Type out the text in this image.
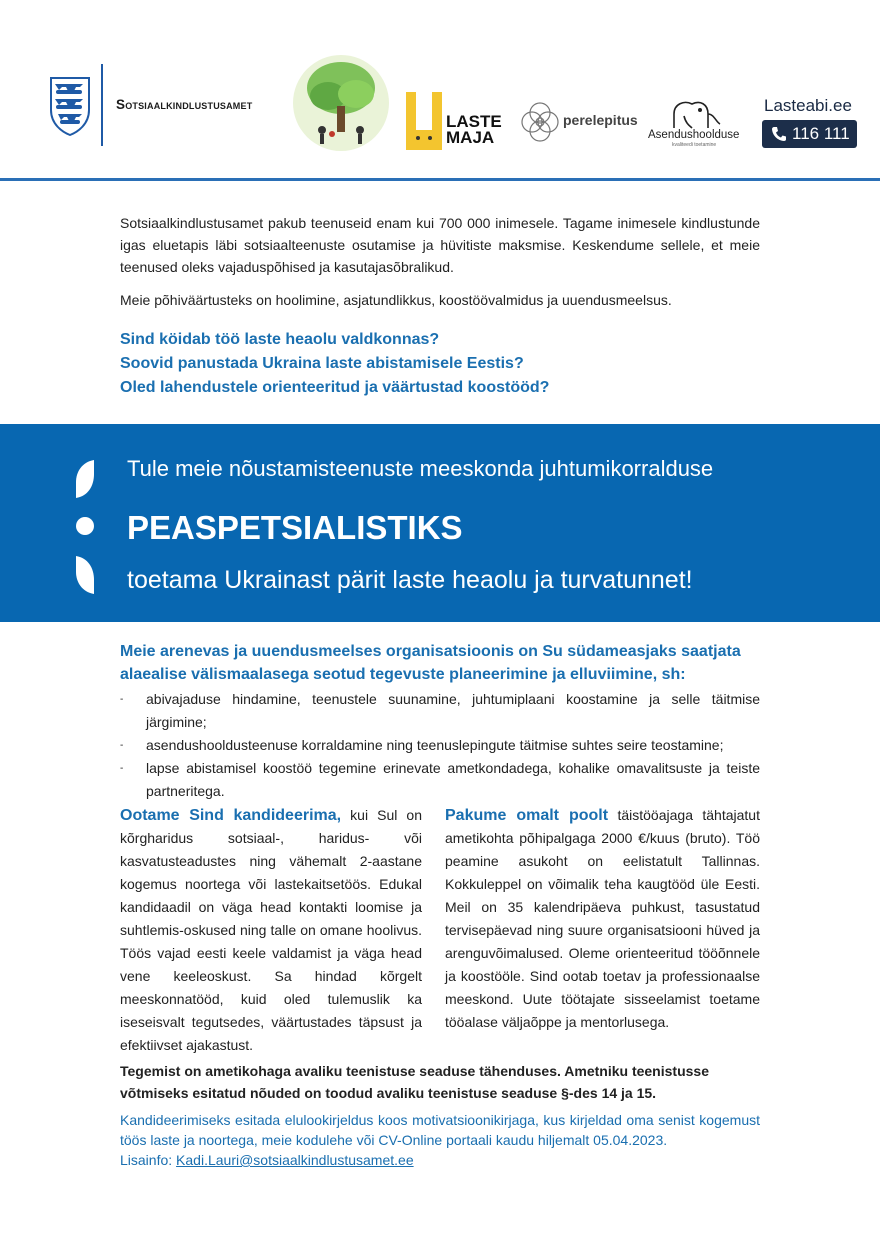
Sotsiaalkindlustusamet
LASTE
MAJA
perelepitus
Asendushoolduse
kvaliteedi toetamine
Lasteabi.ee
116 111
Sotsiaalkindlustusamet pakub teenuseid enam kui 700 000 inimesele. Tagame inimesele kindlustunde igas eluetapis läbi sotsiaalteenuste osutamise ja hüvitiste maksmise. Keskendume sellele, et meie teenused oleks vajaduspõhised ja kasutajasõbralikud.
Meie põhiväärtusteks on hoolimine, asjatundlikkus, koostöövalmidus ja uuendusmeelsus.
Sind köidab töö laste heaolu valdkonnas?
Soovid panustada Ukraina laste abistamisele Eestis?
Oled lahendustele orienteeritud ja väärtustad koostööd?
Tule meie nõustamisteenuste meeskonda juhtumikorralduse
PEASPETSIALISTIKS
toetama Ukrainast pärit laste heaolu ja turvatunnet!
Meie arenevas ja uuendusmeelses organisatsioonis on Su südameasjaks saatjata alaealise välismaalasega seotud tegevuste planeerimine ja elluviimine, sh:
- abivajaduse hindamine, teenustele suunamine, juhtumiplaani koostamine ja selle täitmise järgimine;
- asendushooldusteenuse korraldamine ning teenuslepingute täitmise suhtes seire teostamine;
- lapse abistamisel koostöö tegemine erinevate ametkondadega, kohalike omavalitsuste ja teiste partneritega.
Ootame Sind kandideerima, kui Sul on kõrgharidus sotsiaal-, haridus- või kasvatusteadustes ning vähemalt 2-aastane kogemus noortega või lastekaitsetöös. Edukal kandidaadil on väga head kontakti loomise ja suhtlemis-oskused ning talle on omane hoolivus. Töös vajad eesti keele valdamist ja väga head vene keeleoskust. Sa hindad kõrgelt meeskonnatööd, kuid oled tulemuslik ka iseseisvalt tegutsedes, väärtustades täpsust ja efektiivset ajakastust.
Pakume omalt poolt täistööajaga tähtajatut ametikohta põhipalgaga 2000 €/kuus (bruto). Töö peamine asukoht on eelistatult Tallinnas. Kokkuleppel on võimalik teha kaugtööd üle Eesti. Meil on 35 kalendripäeva puhkust, tasustatud tervisepäevad ning suure organisatsiooni hüved ja arenguvõimalused. Oleme orienteeritud tööõnnele ja koostööle. Sind ootab toetav ja professionaalse meeskond. Uute töötajate sisseelamist toetame tööalase väljaõppe ja mentorlusega.
Tegemist on ametikohaga avaliku teenistuse seaduse tähenduses. Ametniku teenistusse võtmiseks esitatud nõuded on toodud avaliku teenistuse seaduse §-des 14 ja 15.
Kandideerimiseks esitada elulookirjeldus koos motivatsioonikirjaga, kus kirjeldad oma senist kogemust töös laste ja noortega, meie kodulehe või CV-Online portaali kaudu hiljemalt 05.04.2023.
Lisainfo: Kadi.Lauri@sotsiaalkindlustusamet.ee
